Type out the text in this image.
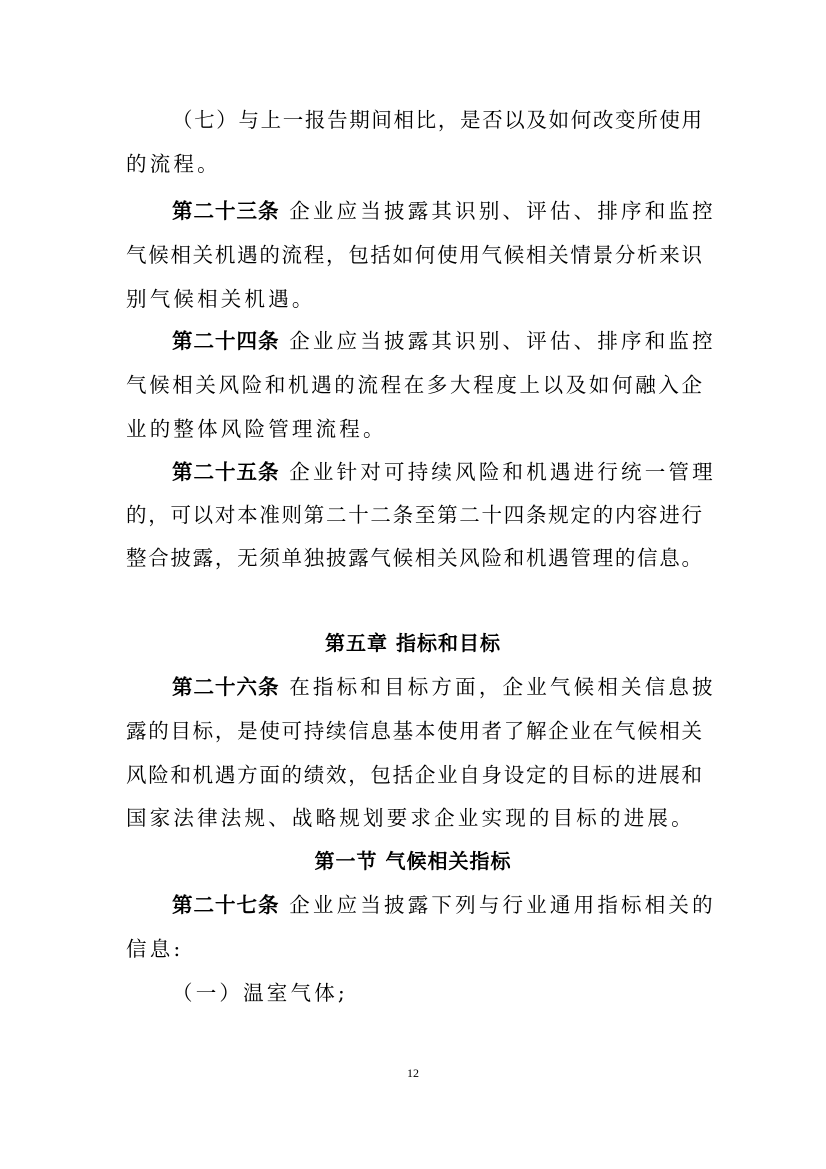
（七）与上一报告期间相比，是否以及如何改变所使用
的流程。
第二十三条 企业应当披露其识别、评估、排序和监控
气候相关机遇的流程，包括如何使用气候相关情景分析来识
别气候相关机遇。
第二十四条 企业应当披露其识别、评估、排序和监控
气候相关风险和机遇的流程在多大程度上以及如何融入企
业的整体风险管理流程。
第二十五条 企业针对可持续风险和机遇进行统一管理
的，可以对本准则第二十二条至第二十四条规定的内容进行
整合披露，无须单独披露气候相关风险和机遇管理的信息。
第五章 指标和目标
第二十六条 在指标和目标方面，企业气候相关信息披
露的目标，是使可持续信息基本使用者了解企业在气候相关
风险和机遇方面的绩效，包括企业自身设定的目标的进展和
国家法律法规、战略规划要求企业实现的目标的进展。
第一节 气候相关指标
第二十七条 企业应当披露下列与行业通用指标相关的
信息:
（一）温室气体;
12
